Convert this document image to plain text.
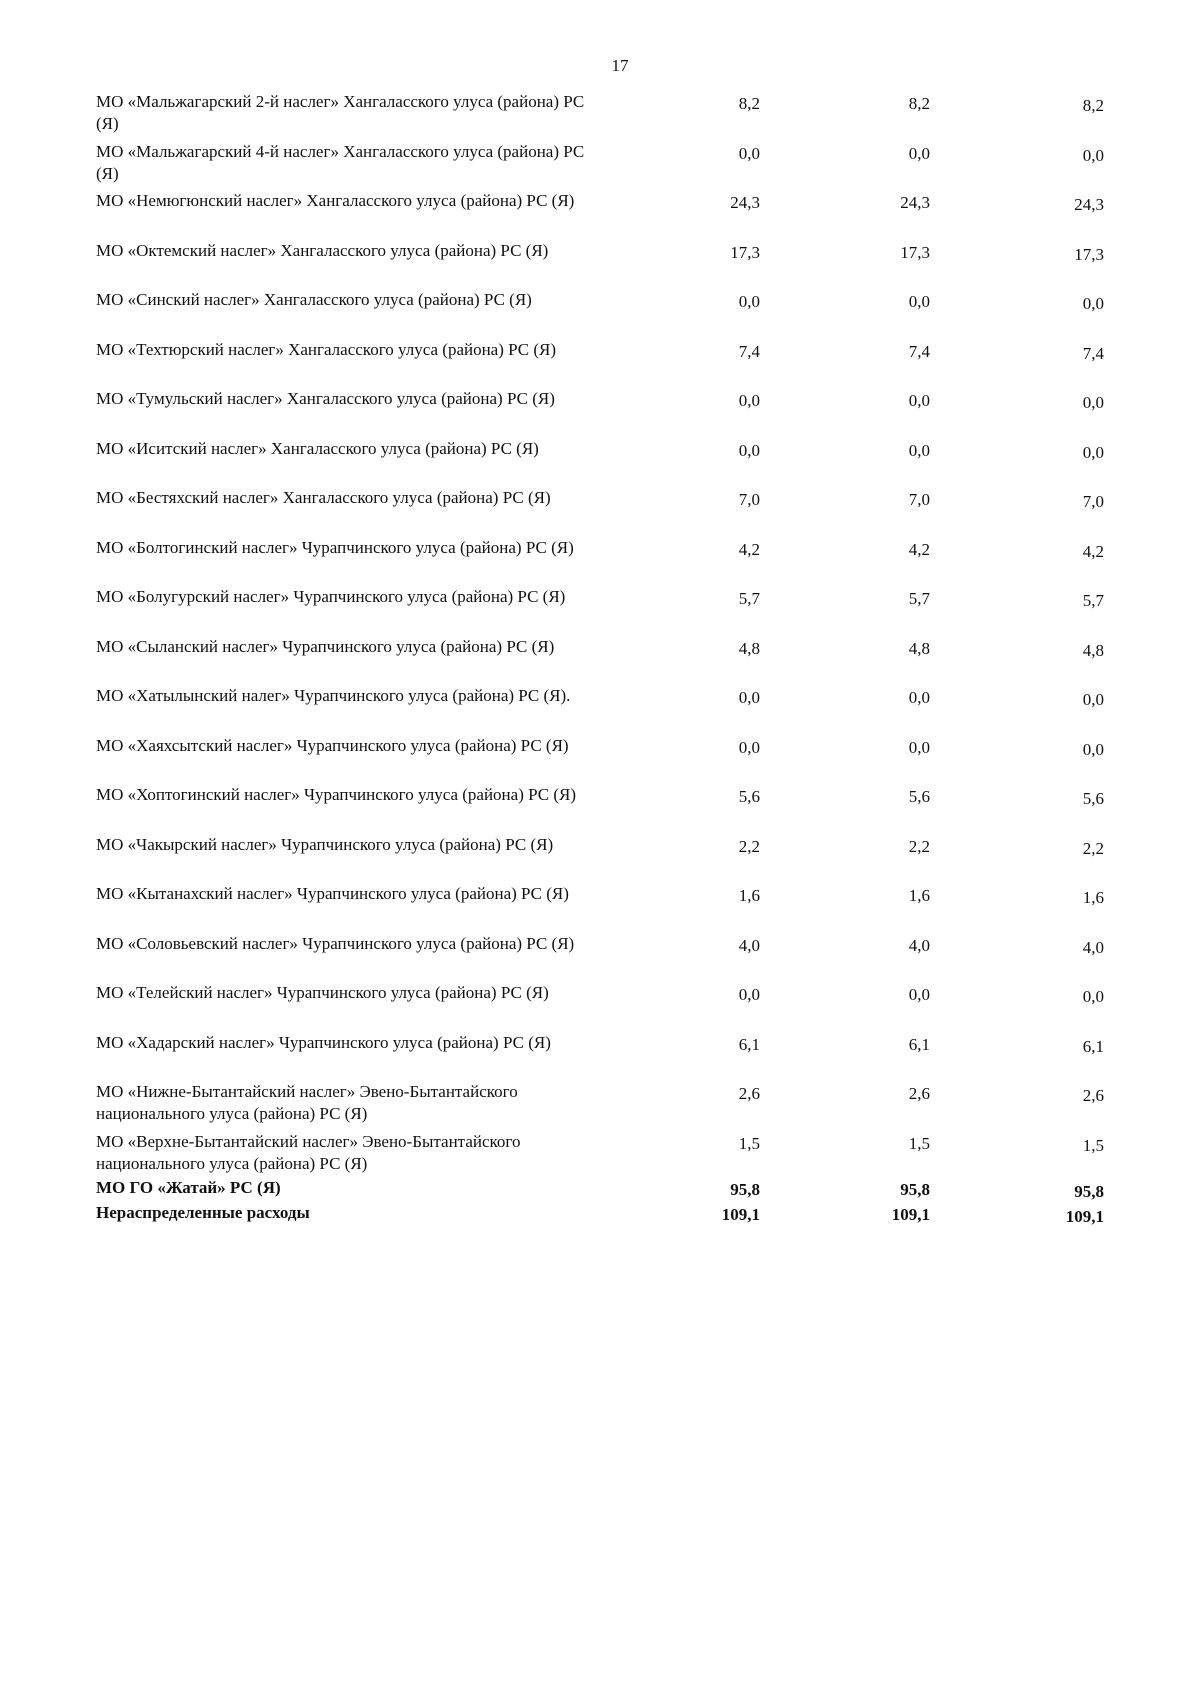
17
МО «Мальжагарский 2-й наслег» Хангаласского улуса (района) РС (Я)
8,2	8,2	8,2
МО «Мальжагарский 4-й наслег» Хангаласского улуса (района) РС (Я)
0,0	0,0	0,0
МО «Немюгюнский наслег» Хангаласского улуса (района) РС (Я)	24,3	24,3	24,3
МО «Октемский наслег» Хангаласского улуса (района) РС (Я)	17,3	17,3	17,3
МО «Синский наслег» Хангаласского улуса (района) РС (Я)	0,0	0,0	0,0
МО «Техтюрский наслег» Хангаласского улуса (района) РС (Я)	7,4	7,4	7,4
МО «Тумульский наслег» Хангаласского улуса (района) РС (Я)	0,0	0,0	0,0
МО «Иситский наслег» Хангаласского улуса (района) РС (Я)	0,0	0,0	0,0
МО «Бестяхский наслег» Хангаласского улуса (района) РС (Я)	7,0	7,0	7,0
МО «Болтогинский наслег» Чурапчинского улуса (района) РС (Я)	4,2	4,2	4,2
МО «Болугурский наслег» Чурапчинского улуса (района) РС (Я)	5,7	5,7	5,7
МО «Сыланский наслег» Чурапчинского улуса (района) РС (Я)	4,8	4,8	4,8
МО «Хатылынский налег» Чурапчинского улуса (района) РС (Я).	0,0	0,0	0,0
МО «Хаяхсытский наслег» Чурапчинского улуса (района) РС (Я)	0,0	0,0	0,0
МО «Хоптогинский наслег» Чурапчинского улуса (района) РС (Я)	5,6	5,6	5,6
МО «Чакырский наслег» Чурапчинского улуса (района) РС (Я)	2,2	2,2	2,2
МО «Кытанахский наслег» Чурапчинского улуса (района) РС (Я)	1,6	1,6	1,6
МО «Соловьевский наслег» Чурапчинского улуса (района) РС (Я)	4,0	4,0	4,0
МО «Телейский наслег» Чурапчинского улуса (района) РС (Я)	0,0	0,0	0,0
МО «Хадарский наслег» Чурапчинского улуса (района) РС (Я)	6,1	6,1	6,1
МО «Нижне-Бытантайский наслег» Эвено-Бытантайского национального улуса (района) РС (Я)
2,6	2,6	2,6
МО «Верхне-Бытантайский наслег» Эвено-Бытантайского национального улуса (района) РС (Я)
1,5	1,5	1,5
МО ГО «Жатай» РС (Я)	95,8	95,8	95,8
Нераспределенные расходы	109,1	109,1	109,1
